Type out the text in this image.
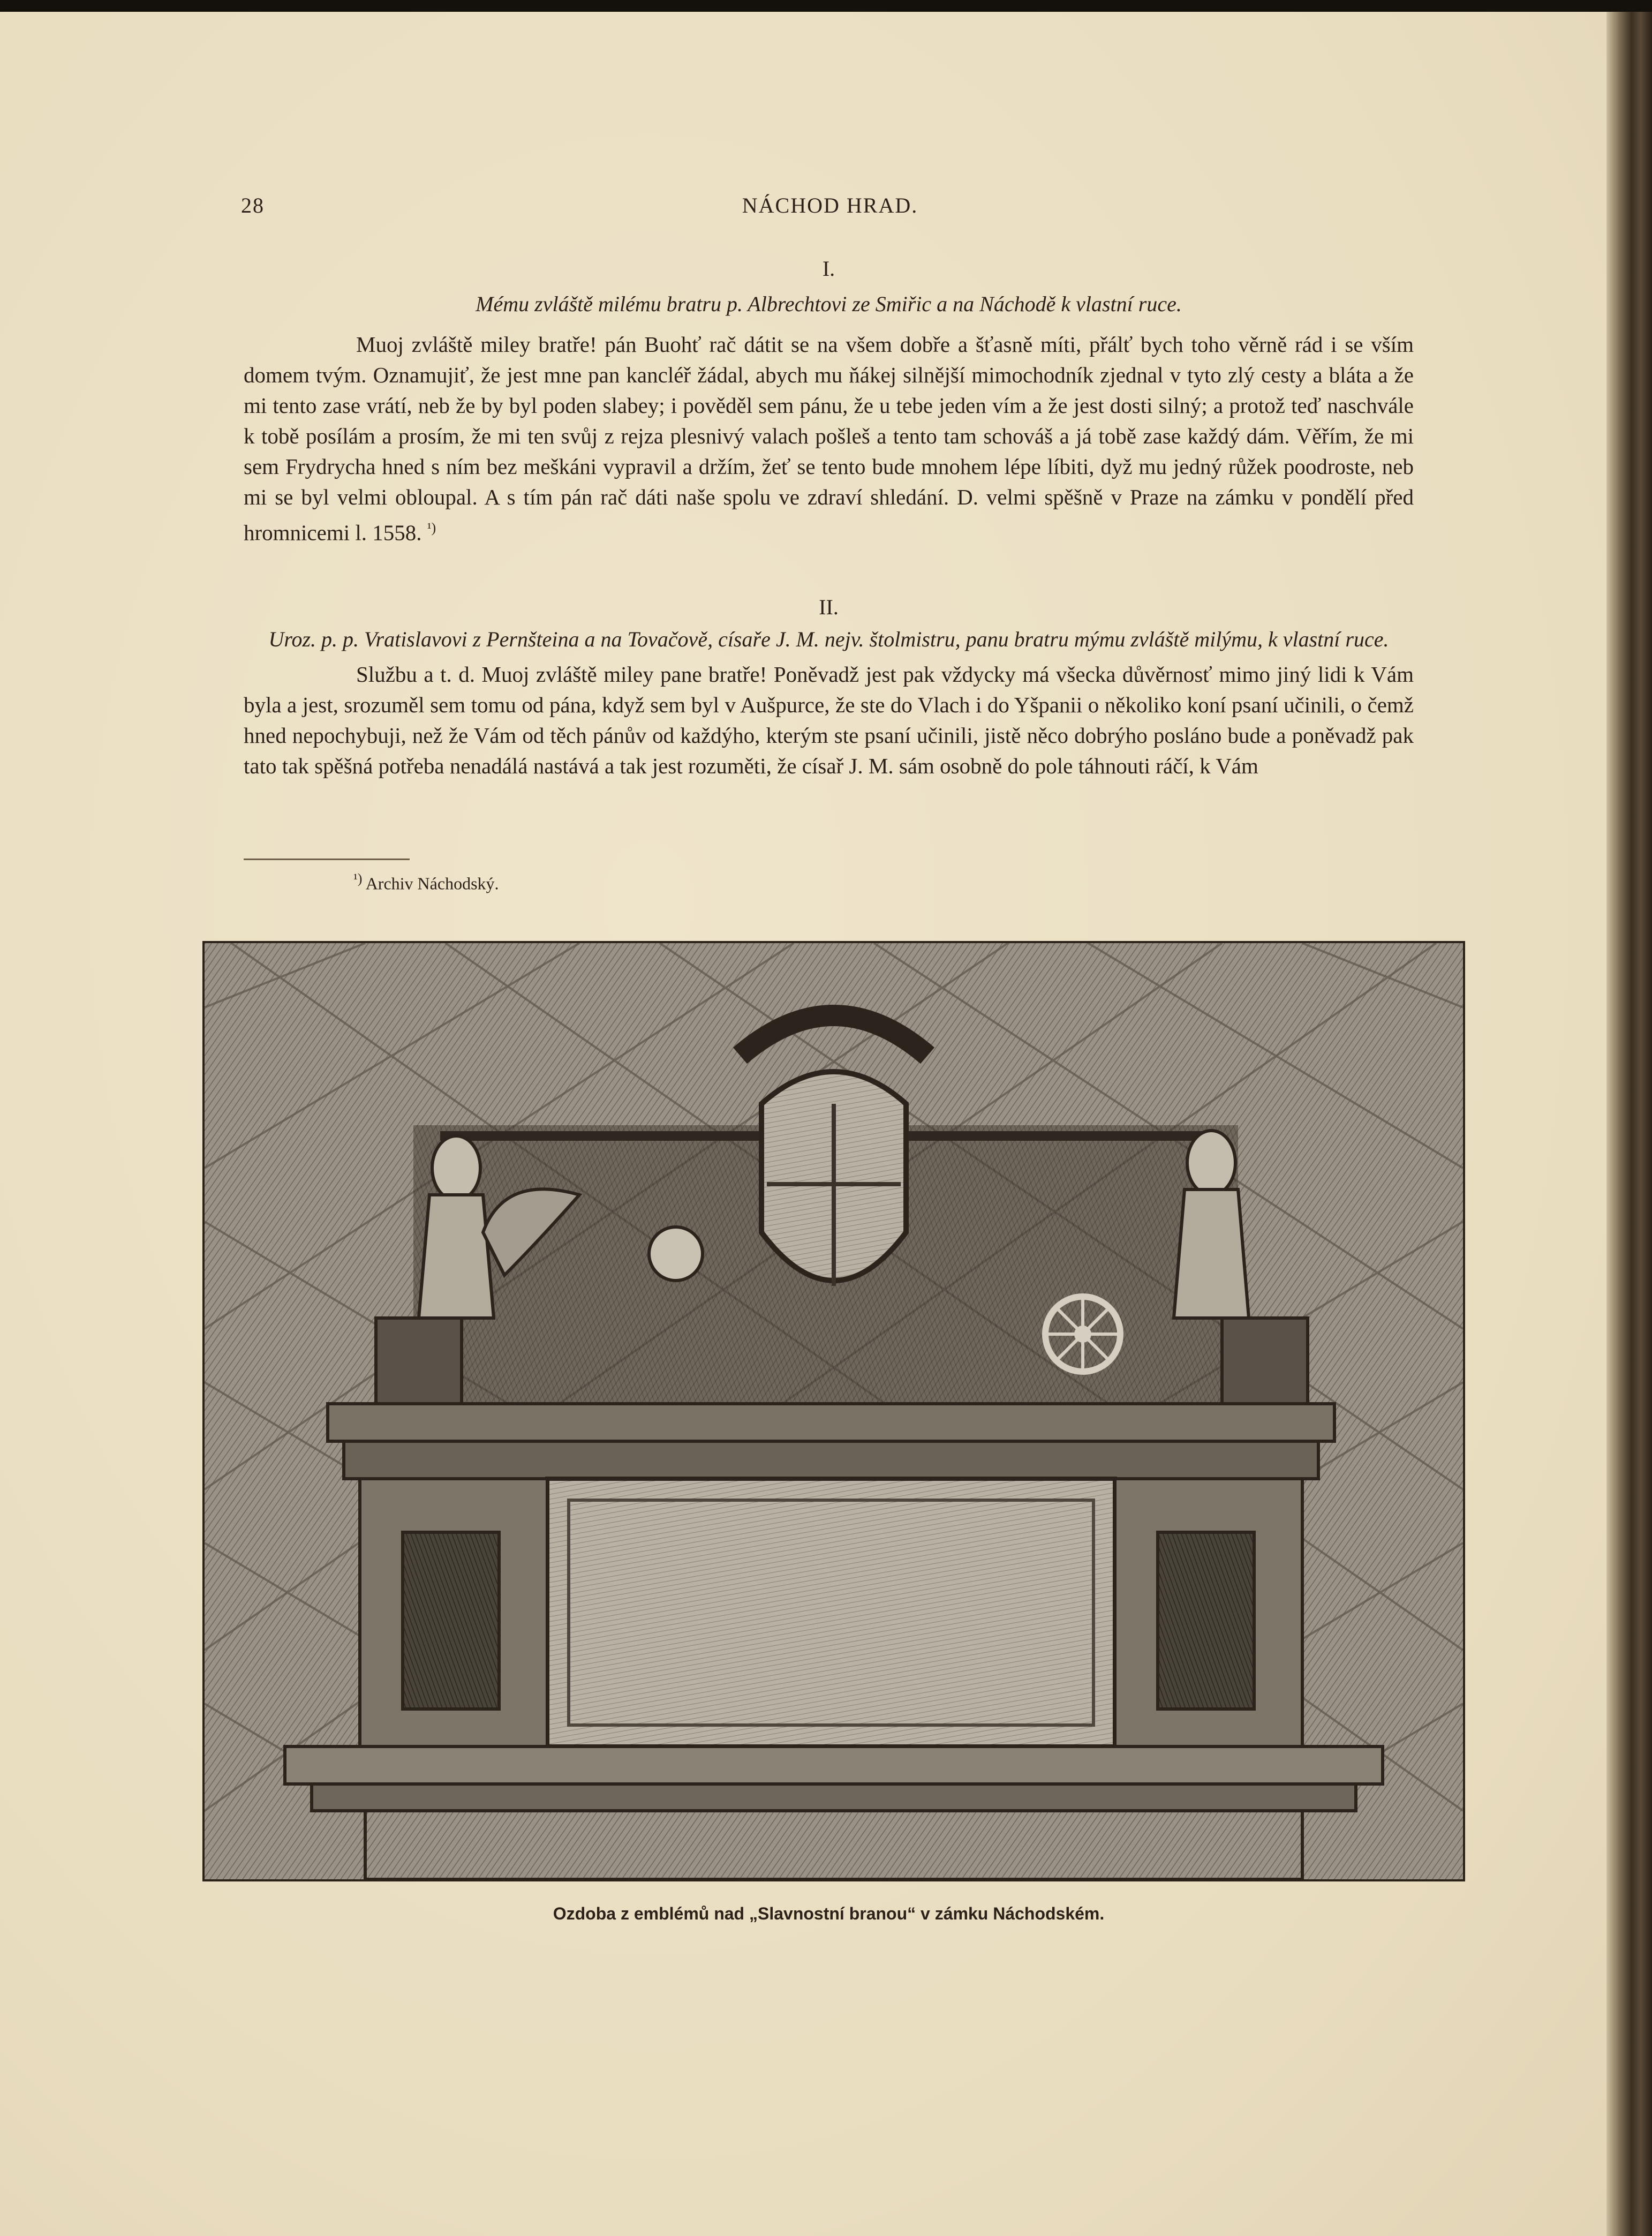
28	NÁCHOD HRAD.
I.
Mému zvláště milému bratru p. Albrechtovi ze Smiřic a na Náchodě k vlastní ruce.

Muoj zvláště miley bratře! pán Buohť rač dátit se na všem dobře a šťasně míti, přálť bych toho věrně rád i se vším domem tvým. Oznamujiť, že jest mne pan kancléř žádal, abych mu ňákej silnější mimochodník zjednal v tyto zlý cesty a bláta a že mi tento zase vrátí, neb že by byl poden slabey; i pověděl sem pánu, že u tebe jeden vím a že jest dosti silný; a protož teď naschvále k tobě posílám a prosím, že mi ten svůj z rejza plesnivý valach pošleš a tento tam schováš a já tobě zase každý dám. Věřím, že mi sem Frydrycha hned s ním bez meškáni vypravil a držím, žeť se tento bude mnohem lépe líbiti, dyž mu jedný růžek poodroste, neb mi se byl velmi obloupal. A s tím pán rač dáti naše spolu ve zdraví shledání. D. velmi spěšně v Praze na zámku v pondělí před hromnicemi l. 1558. $^{^1)}$

II.
Uroz. p. p. Vratislavovi z Pernšteina a na Tovačově, císaře J. M. nejv. štolmistru, panu bratru mýmu zvláště milýmu, k vlastní ruce.

Službu a t. d. Muoj zvláště miley pane bratře! Poněvadž jest pak vždycky má všecka důvěrnosť mimo jiný lidi k Vám byla a jest, srozuměl sem tomu od pána, když sem byl v Aušpurce, že ste do Vlach i do Yšpanii o několiko koní psaní učinili, o čemž hned nepochybuji, než že Vám od těch pánův od každýho, kterým ste psaní učinili, jistě něco dobrýho posláno bude a poněvadž pak tato tak spěšná potřeba nenadálá nastává a tak jest rozuměti, že císař J. M. sám osobně do pole táhnouti ráčí, k Vám

$^{^1)}$ Archiv Náchodský.
Ozdoba z emblémů nad „Slavnostní branou“ v zámku Náchodském.
